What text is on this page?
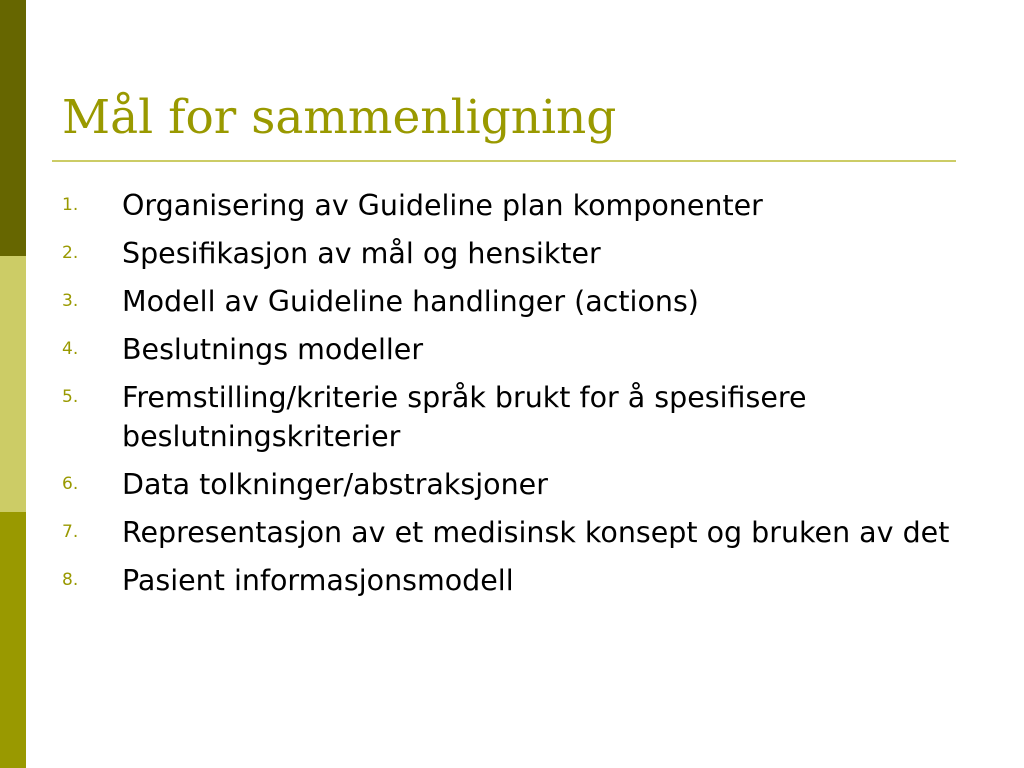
Mål for sammenligning
1.	Organisering av Guideline plan komponenter
2.	Spesifikasjon av mål og hensikter
3.	Modell av Guideline handlinger (actions)
4.	Beslutnings modeller
5.	Fremstilling/kriterie språk brukt for å spesifisere beslutningskriterier
6.	Data tolkninger/abstraksjoner
7.	Representasjon av et medisinsk konsept og bruken av det
8.	Pasient informasjonsmodell
